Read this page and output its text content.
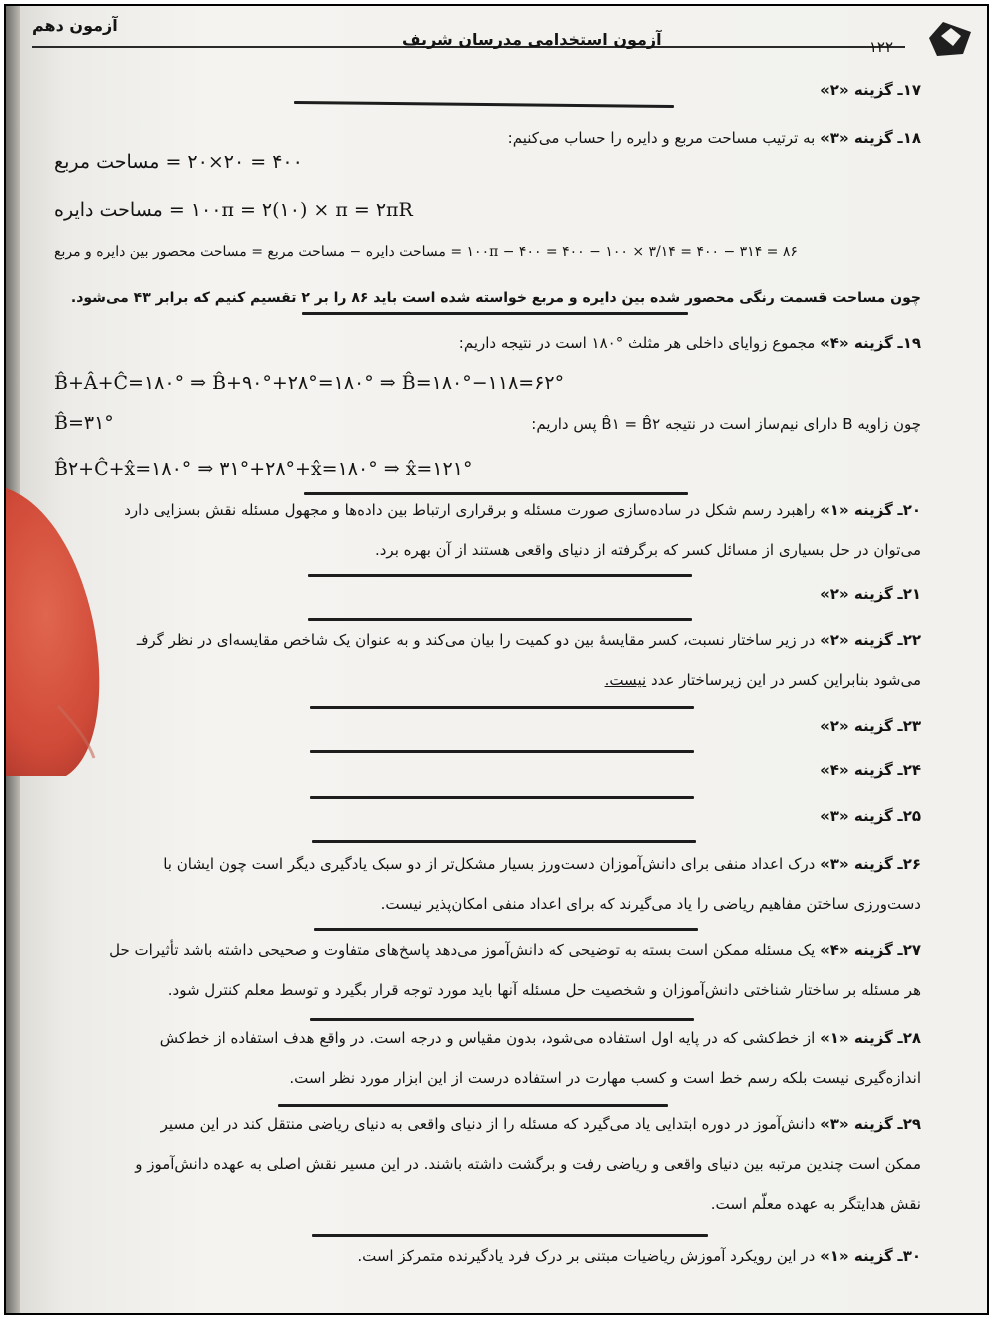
آزمون دهم
آزمون استخدامی مدرسان شریف	۱۲۲
۱۷ـ گزینه «۲»
۱۸ـ گزینه «۳» به ترتیب مساحت مربع و دایره را حساب می‌کنیم:
۴۰۰ = ۲۰×۲۰ = مساحت مربع
۱۰۰π = ۲(۱۰) × π = ۲πR = مساحت دایره
۸۶ = ۳۱۴ − ۴۰۰ = ۳/۱۴ × ۱۰۰ − ۴۰۰ = ۱۰۰π − ۴۰۰ = مساحت دایره − مساحت مربع = مساحت محصور بین دایره و مربع
چون مساحت قسمت رنگی محصور شده بین دایره و مربع خواسته شده است باید ۸۶ را بر ۲ تقسیم کنیم که برابر ۴۳ می‌شود.
۱۹ـ گزینه «۴» مجموع زوایای داخلی هر مثلث °۱۸۰ است در نتیجه داریم:
B̂+Â+Ĉ=۱۸۰° ⇒ B̂+۹۰°+۲۸°=۱۸۰° ⇒ B̂=۱۸۰°−۱۱۸=۶۲°
B̂=۳۱°	چون زاویه B دارای نیم‌ساز است در نتیجه B̂۱ = B̂۲ پس داریم:
B̂۲+Ĉ+x̂=۱۸۰° ⇒ ۳۱°+۲۸°+x̂=۱۸۰° ⇒ x̂=۱۲۱°
۲۰ـ گزینه «۱» راهبرد رسم شکل در ساده‌سازی صورت مسئله و برقراری ارتباط بین داده‌ها و مجهول مسئله نقش بسزایی دارد
می‌توان در حل بسیاری از مسائل کسر که برگرفته از دنیای واقعی هستند از آن بهره برد.
۲۱ـ گزینه «۲»
۲۲ـ گزینه «۲» در زیر ساختار نسبت، کسر مقایسهٔ بین دو کمیت را بیان می‌کند و به عنوان یک شاخص مقایسه‌ای در نظر گرفـ
می‌شود بنابراین کسر در این زیرساختار عدد نیست.
۲۳ـ گزینه «۲»
۲۴ـ گزینه «۴»
۲۵ـ گزینه «۳»
۲۶ـ گزینه «۳» درک اعداد منفی برای دانش‌آموزان دست‌ورز بسیار مشکل‌تر از دو سبک یادگیری دیگر است چون ایشان با
دست‌ورزی ساختن مفاهیم ریاضی را یاد می‌گیرند که برای اعداد منفی امکان‌پذیر نیست.
۲۷ـ گزینه «۴» یک مسئله ممکن است بسته به توضیحی که دانش‌آموز می‌دهد پاسخ‌های متفاوت و صحیحی داشته باشد تأثیرات حل
هر مسئله بر ساختار شناختی دانش‌آموزان و شخصیت حل مسئله آنها باید مورد توجه قرار بگیرد و توسط معلم کنترل شود.
۲۸ـ گزینه «۱» از خط‌کشی که در پایه اول استفاده می‌شود، بدون مقیاس و درجه است. در واقع هدف استفاده از خط‌کش
اندازه‌گیری نیست بلکه رسم خط است و کسب مهارت در استفاده درست از این ابزار مورد نظر است.
۲۹ـ گزینه «۳» دانش‌آموز در دوره ابتدایی یاد می‌گیرد که مسئله را از دنیای واقعی به دنیای ریاضی منتقل کند در این مسیر
ممکن است چندین مرتبه بین دنیای واقعی و ریاضی رفت و برگشت داشته باشند. در این مسیر نقش اصلی به عهده دانش‌آموز و
نقش هدایتگر به عهده معلّم است.
۳۰ـ گزینه «۱» در این رویکرد آموزش ریاضیات مبتنی بر درک فرد یادگیرنده متمرکز است.
